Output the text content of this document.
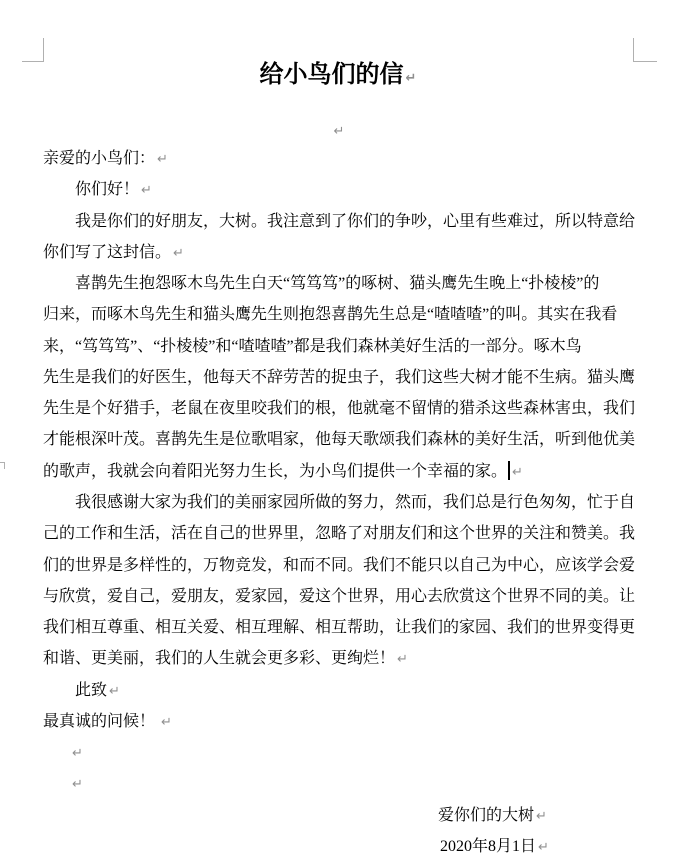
给小鸟们的信 ↵
↵
亲爱的小鸟们： ↵
你们好！ ↵
我是你们的好朋友，大树。我注意到了你们的争吵，心里有些难过，所以特意给
你们写了这封信。 ↵
喜鹊先生抱怨啄木鸟先生白天“笃笃笃”的啄树、猫头鹰先生晚上“扑棱棱”的
归来，而啄木鸟先生和猫头鹰先生则抱怨喜鹊先生总是“喳喳喳”的叫。其实在我看
来，“笃笃笃”、“扑棱棱”和“喳喳喳”都是我们森林美好生活的一部分。啄木鸟
先生是我们的好医生，他每天不辞劳苦的捉虫子，我们这些大树才能不生病。猫头鹰
先生是个好猎手，老鼠在夜里咬我们的根，他就毫不留情的猎杀这些森林害虫，我们
才能根深叶茂。喜鹊先生是位歌唱家，他每天歌颂我们森林的美好生活，听到他优美
的歌声，我就会向着阳光努力生长，为小鸟们提供一个幸福的家。 ↵
我很感谢大家为我们的美丽家园所做的努力，然而，我们总是行色匆匆，忙于自
己的工作和生活，活在自己的世界里，忽略了对朋友们和这个世界的关注和赞美。我
们的世界是多样性的，万物竞发，和而不同。我们不能只以自己为中心，应该学会爱
与欣赏，爱自己，爱朋友，爱家园，爱这个世界，用心去欣赏这个世界不同的美。让
我们相互尊重、相互关爱、相互理解、相互帮助，让我们的家园、我们的世界变得更
和谐、更美丽，我们的人生就会更多彩、更绚烂！ ↵
此致 ↵
最真诚的问候！ ↵
↵
↵
爱你们的大树 ↵
2020年8月1日 ↵
